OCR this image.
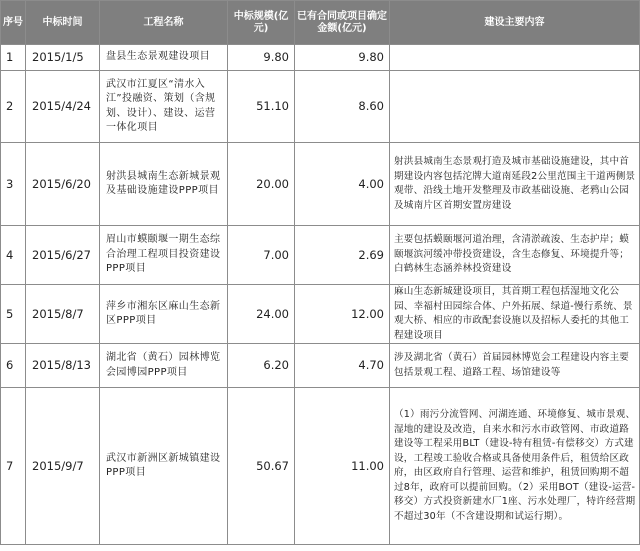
序号	中标时间	工程名称	中标规模(亿元)	已有合同或项目确定金额(亿元)	建设主要内容
1	2015/1/5	盘县生态景观建设项目	9.80	9.80	
2	2015/4/24	武汉市江夏区“清水入江”投融资、策划（含规划、设计）、建设、运营一体化项目	51.10	8.60	
3	2015/6/20	射洪县城南生态新城景观及基础设施建设PPP项目	20.00	4.00	射洪县城南生态景观打造及城市基础设施建设，其中首期建设内容包括沱牌大道南延段2公里范围主干道两侧景观带、沿线土地开发整理及市政基础设施、老鸦山公园及城南片区首期安置房建设
4	2015/6/27	眉山市蟆颐堰一期生态综合治理工程项目投资建设PPP项目	7.00	2.69	主要包括蟆颐堰河道治理，含清淤疏浚、生态护岸；蟆颐堰滨河缓冲带投资建设，含生态修复、环境提升等；白鹤林生态涵养林投资建设
5	2015/8/7	萍乡市湘东区麻山生态新区PPP项目	24.00	12.00	麻山生态新城建设项目，其首期工程包括湿地文化公园、幸福村田园综合体、户外拓展、绿道-慢行系统、景观大桥、相应的市政配套设施以及招标人委托的其他工程建设项目
6	2015/8/13	湖北省（黄石）园林博览会园博园PPP项目	6.20	4.70	涉及湖北省（黄石）首届园林博览会工程建设内容主要包括景观工程、道路工程、场馆建设等
7	2015/9/7	武汉市新洲区新城镇建设PPP项目	50.67	11.00	（1）雨污分流管网、河湖连通、环境修复、城市景观、湿地的建设及改造，自来水和污水市政管网、市政道路建设等工程采用BLT（建设-特有租赁-有偿移交）方式建设，工程竣工验收合格或具备使用条件后，租赁给区政府，由区政府自行管理、运营和维护，租赁回购期不超过8年，政府可以提前回购。（2）采用BOT（建设-运营-移交）方式投资新建水厂1座、污水处理厂，特许经营期不超过30年（不含建设期和试运行期）。
